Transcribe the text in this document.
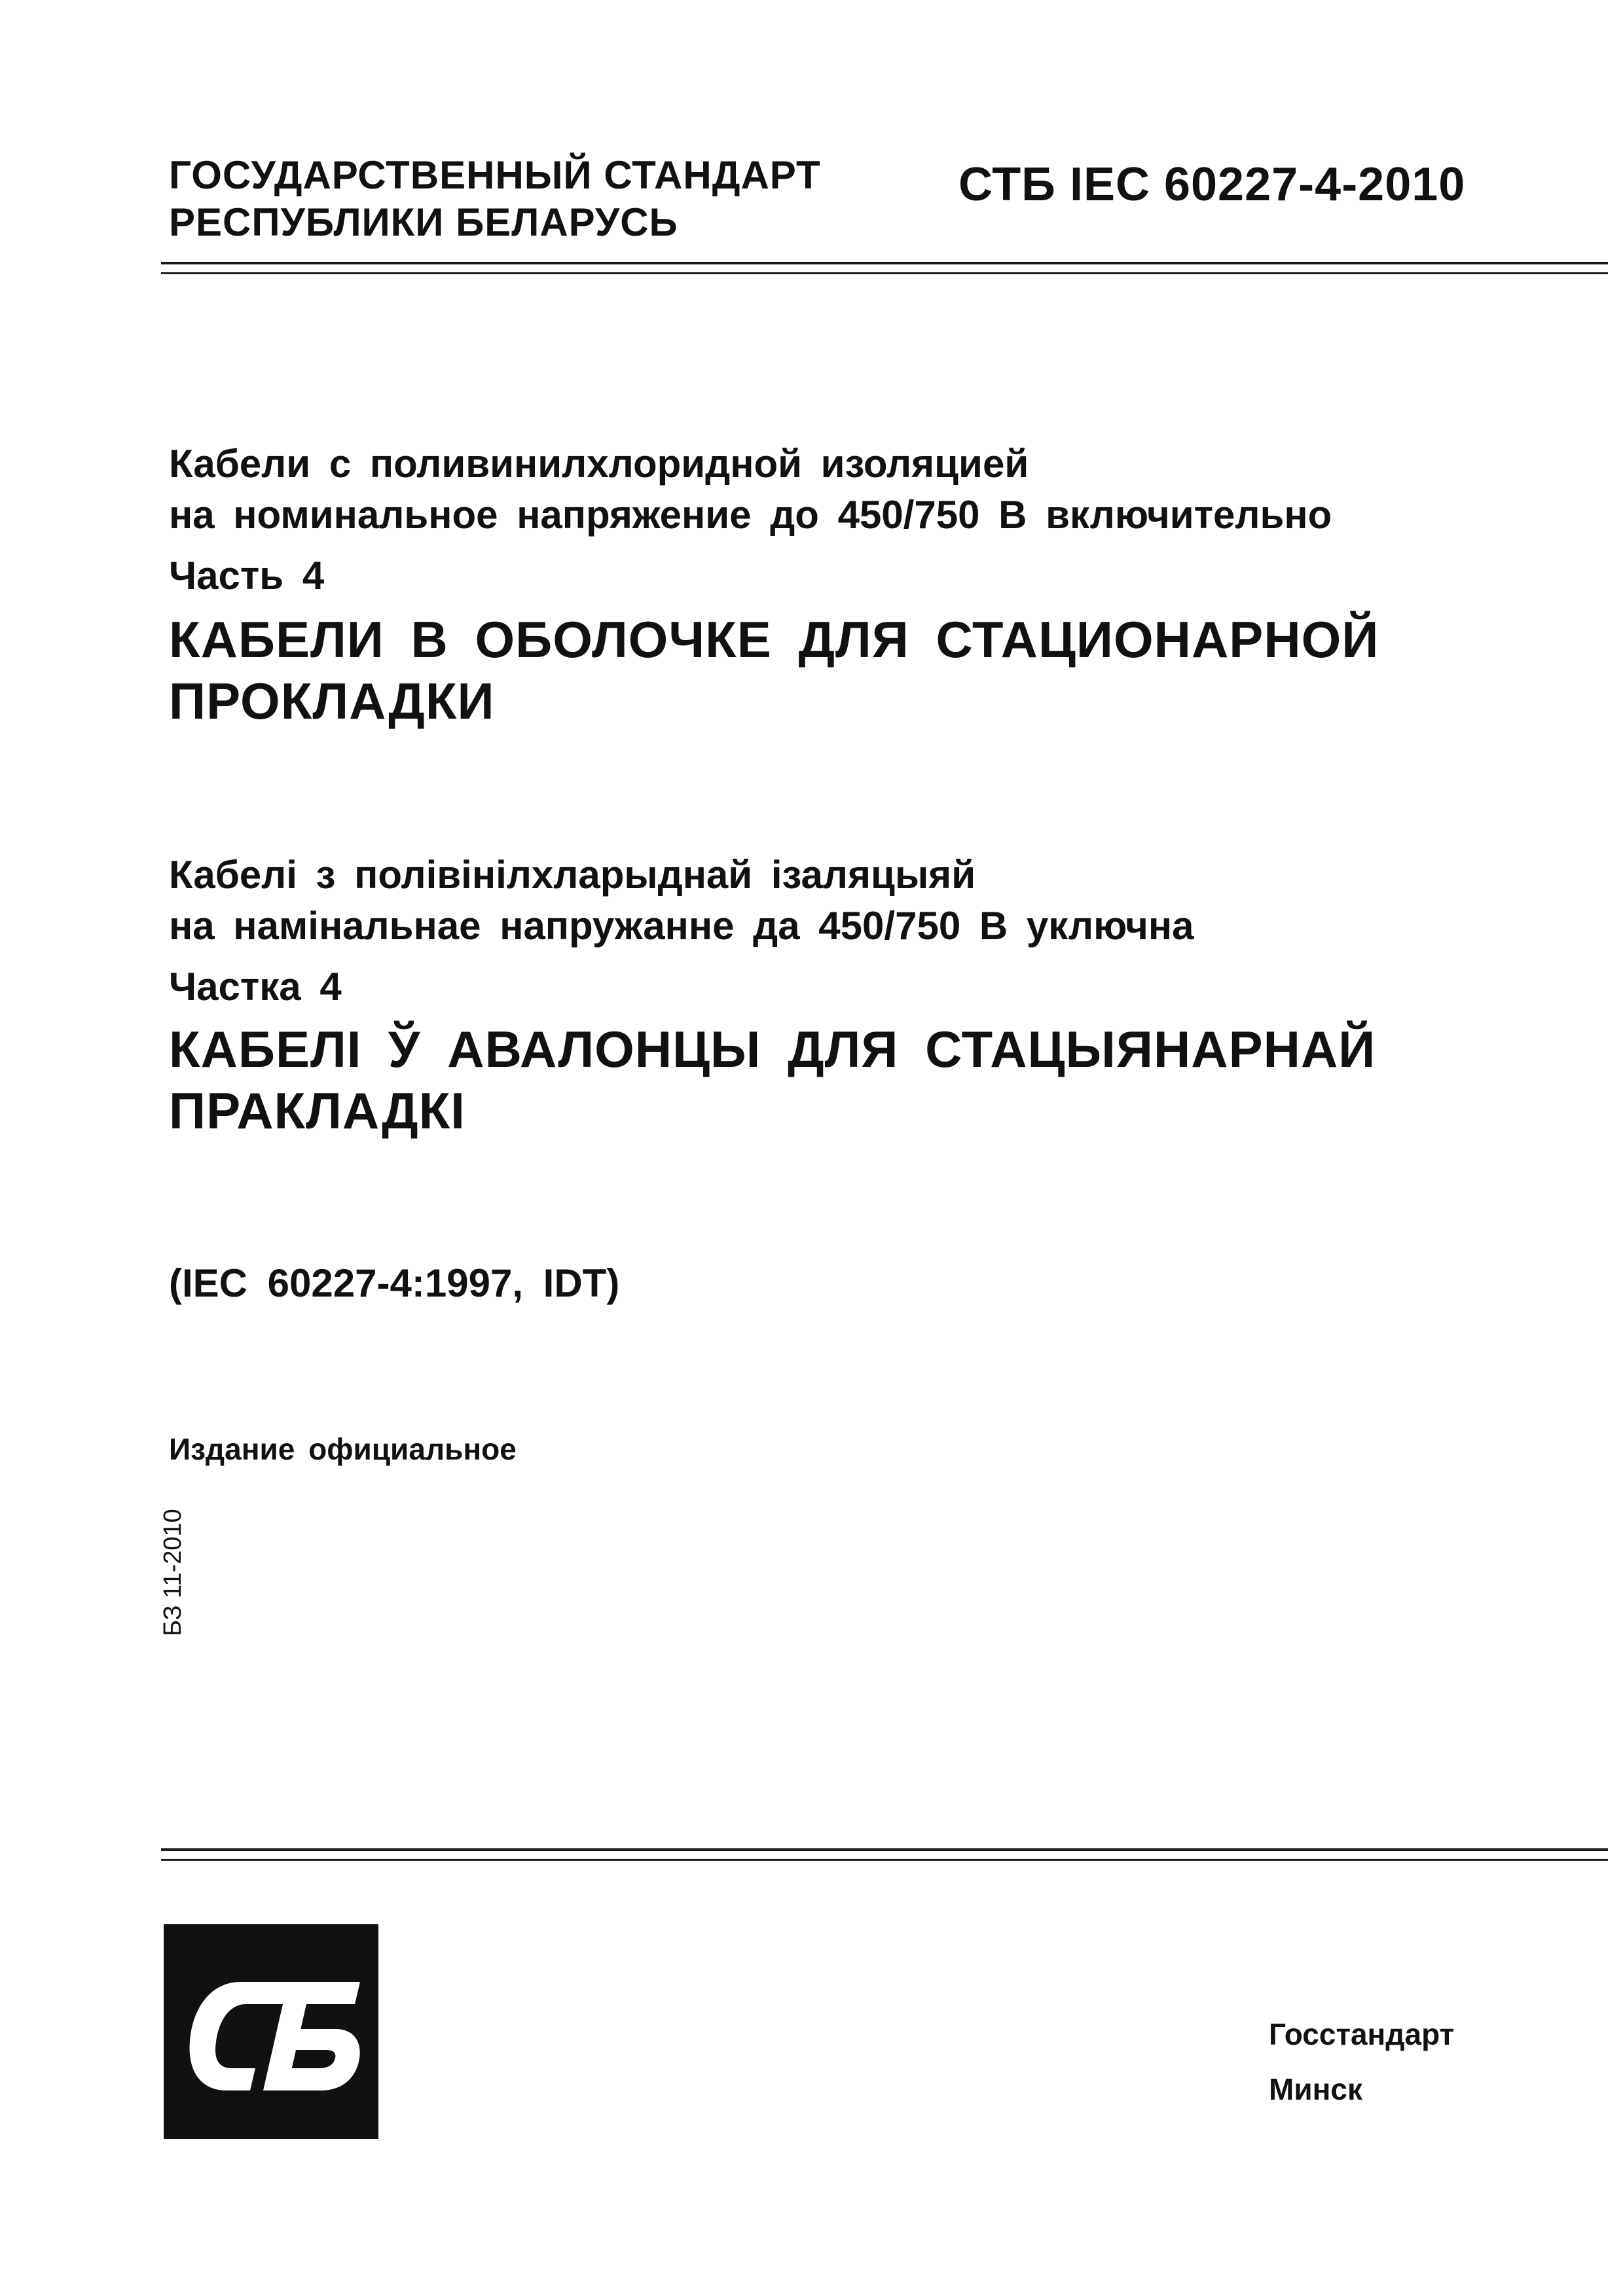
ГОСУДАРСТВЕННЫЙ СТАНДАРТ
РЕСПУБЛИКИ БЕЛАРУСЬ
СТБ IEC 60227-4-2010
Кабели с поливинилхлоридной изоляцией
на номинальное напряжение до 450/750 В включительно
Часть 4
КАБЕЛИ В ОБОЛОЧКЕ ДЛЯ СТАЦИОНАРНОЙ
ПРОКЛАДКИ
Кабелі з полівінілхларыднай ізаляцыяй
на намінальнае напружанне да 450/750 В уключна
Частка 4
КАБЕЛІ Ў АВАЛОНЦЫ ДЛЯ СТАЦЫЯНАРНАЙ
ПРАКЛАДКІ
(IEC 60227-4:1997, IDT)
Издание официальное
БЗ 11-2010
Госстандарт
Минск
